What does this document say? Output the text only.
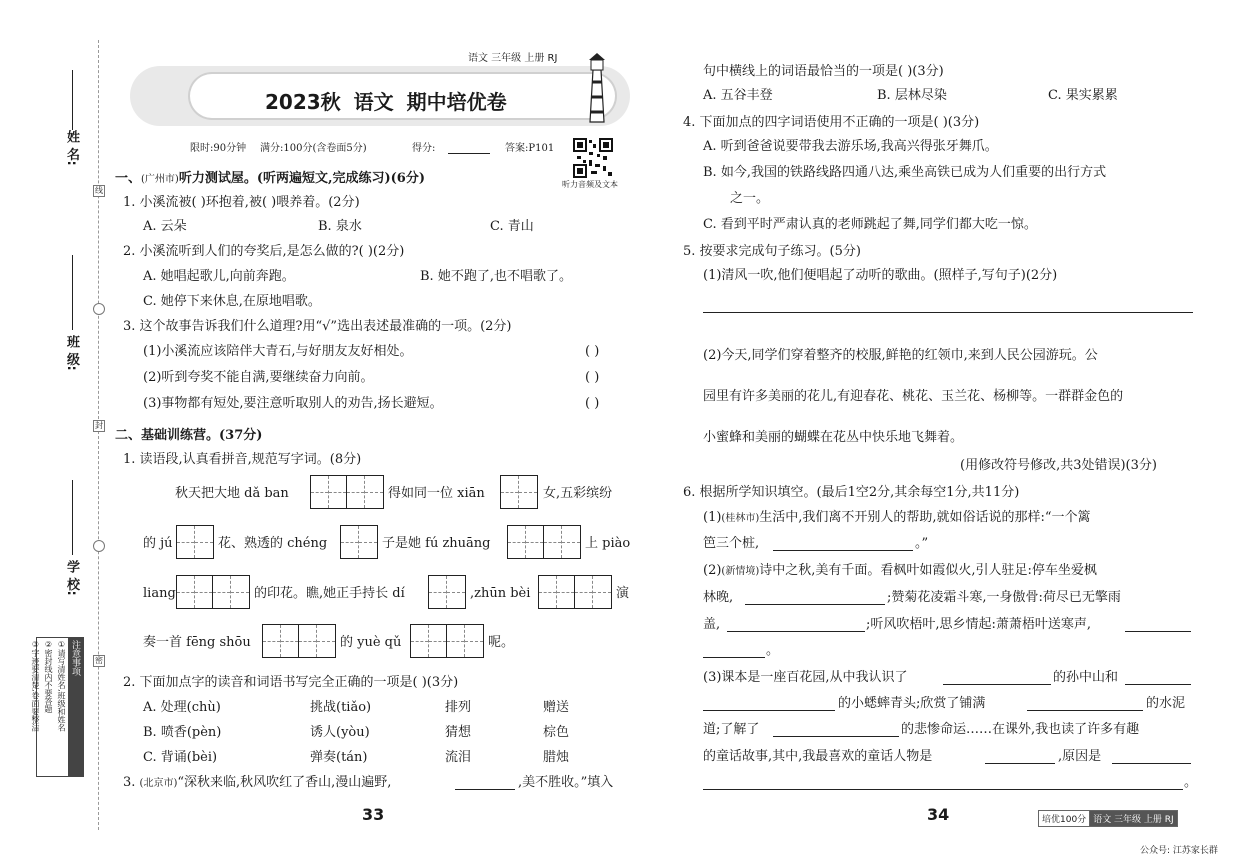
线
封
密
姓 名:
班 级:
学 校:
注意事项
①请写清姓名,班级和姓名
②密封线内不要答题
③字迹要清楚,卷面要整洁
语文 三年级 上册 RJ
2023秋 语文 期中培优卷
限时:90分钟 满分:100分(含卷面5分)	得分:	答案:P101
听力音频及文本
一、(广州市)听力测试屋。(听两遍短文,完成练习)(6分)
1. 小溪流被( )环抱着,被( )喂养着。(2分)
A. 云朵	B. 泉水	C. 青山
2. 小溪流听到人们的夸奖后,是怎么做的?( )(2分)
A. 她唱起歌儿,向前奔跑。	B. 她不跑了,也不唱歌了。
C. 她停下来休息,在原地唱歌。
3. 这个故事告诉我们什么道理?用“√”选出表述最准确的一项。(2分)
(1)小溪流应该陪伴大青石,与好朋友友好相处。	( )
(2)听到夸奖不能自满,要继续奋力向前。	( )
(3)事物都有短处,要注意听取别人的劝告,扬长避短。	( )
二、基础训练营。(37分)
1. 读语段,认真看拼音,规范写字词。(8分)
秋天把大地 dǎ ban	得如同一位 xiān	女,五彩缤纷
的 jú	花、熟透的 chéng	子是她 fú zhuāng	上 piào
liang	的印花。瞧,她正手持长 dí	,zhūn bèi	演
奏一首 fēng shōu	的 yuè qǔ	呢。
2. 下面加点字的读音和词语书写完全正确的一项是( )(3分)
A. 处理(chù)	挑战(tiǎo)	排列	赠送
B. 喷香(pèn)	诱人(yòu)	猜想	棕色
C. 背诵(bèi)	弹奏(tán)	流泪	腊烛
3. (北京市)“深秋来临,秋风吹红了香山,漫山遍野,	,美不胜收。”填入
33
句中横线上的词语最恰当的一项是( )(3分)
A. 五谷丰登	B. 层林尽染	C. 果实累累
4. 下面加点的四字词语使用不正确的一项是( )(3分)
A. 听到爸爸说要带我去游乐场,我高兴得张牙舞爪。
B. 如今,我国的铁路线路四通八达,乘坐高铁已成为人们重要的出行方式
之一。
C. 看到平时严肃认真的老师跳起了舞,同学们都大吃一惊。
5. 按要求完成句子练习。(5分)
(1)清风一吹,他们便唱起了动听的歌曲。(照样子,写句子)(2分)
(2)今天,同学们穿着整齐的校服,鲜艳的红领巾,来到人民公园游玩。公
园里有许多美丽的花儿,有迎春花、桃花、玉兰花、杨柳等。一群群金色的
小蜜蜂和美丽的蝴蝶在花丛中快乐地飞舞着。
(用修改符号修改,共3处错误)(3分)
6. 根据所学知识填空。(最后1空2分,其余每空1分,共11分)
(1)(桂林市)生活中,我们离不开别人的帮助,就如俗话说的那样:“一个篱
笆三个桩,	。”
(2)(新情境)诗中之秋,美有千面。看枫叶如霞似火,引人驻足:停车坐爱枫
林晚,	;赞菊花凌霜斗寒,一身傲骨:荷尽已无擎雨
盖,	;听风吹梧叶,思乡情起:萧萧梧叶送寒声,
。
(3)课本是一座百花园,从中我认识了	的孙中山和
的小蟋蟀青头;欣赏了铺满	的水泥
道;了解了	的悲惨命运……在课外,我也读了许多有趣
的童话故事,其中,我最喜欢的童话人物是	,原因是
。
34	培优100分 语文 三年级 上册 RJ
公众号: 江苏家长群
